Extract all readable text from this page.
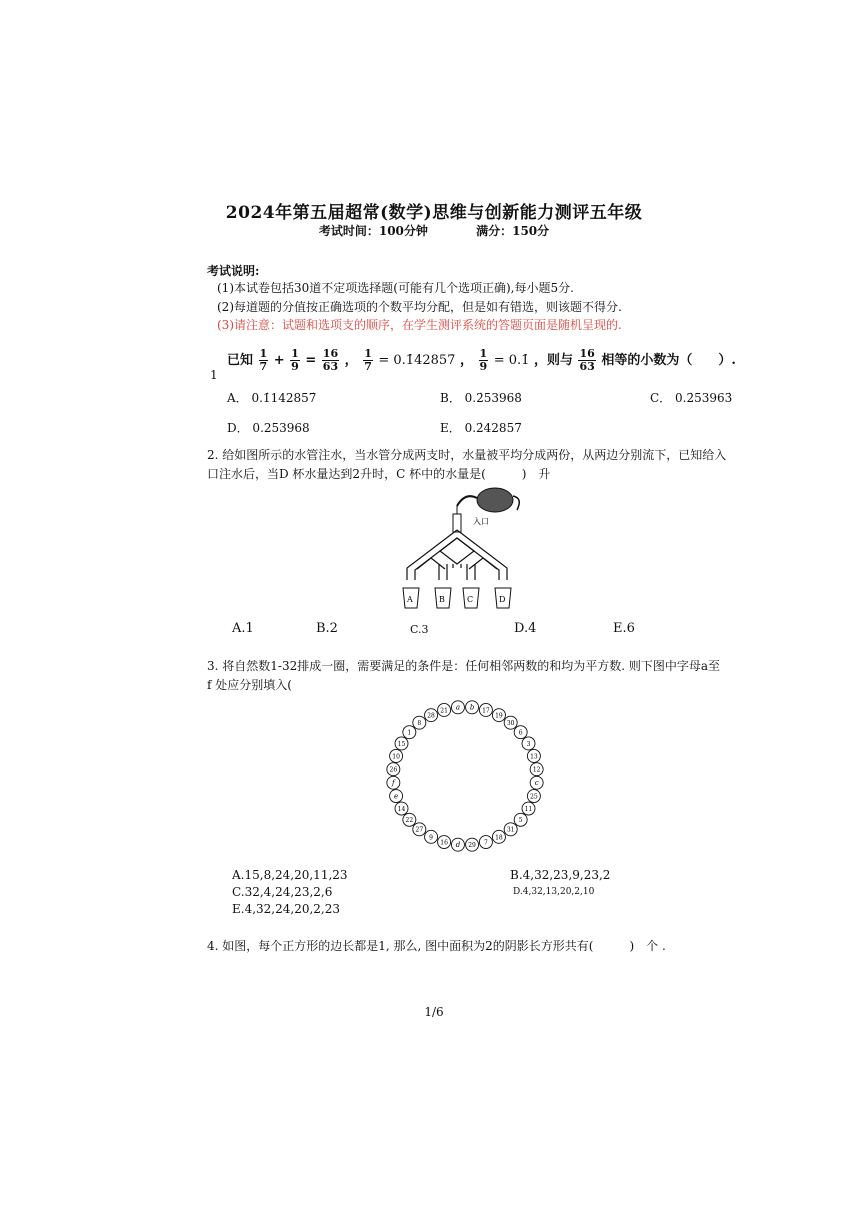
2024年第五届超常(数学)思维与创新能力测评五年级
考试时间：100分钟	满分：150分
考试说明:
(1)本试卷包括30道不定项选择题(可能有几个选项正确),每小题5分.
(2)每道题的分值按正确选项的个数平均分配，但是如有错选，则该题不得分.
(3)请注意：试题和选项支的顺序，在学生测评系统的答题页面是随机呈现的.
1
已知 $\frac{1}{7} + \frac{1}{9} = \frac{16}{63}$ ， $\frac{1}{7}$ = 0.1̇42857̇ ， $\frac{1}{9}$ = 0.1̇ ，则与 $\frac{16}{63}$ 相等的小数为（　　）.
A． 0.1̇142857̇	B． 0.2̇53968̇	C． 0.2̇53963̇
D． 0.253968	E． 0.2̇42857̇
2. 给如图所示的水管注水，当水管分成两支时，水量被平均分成两份，从两边分别流下，已知给入
口注水后，当D 杯水量达到2升时，C 杯中的水量是(　　　)　升
入口
A	B	C	D
A.1	B.2	C.3	D.4	E.6
3. 将自然数1-32排成一圈，需要满足的条件是：任何相邻两数的和均为平方数. 则下图中字母a至
f 处应分别填入(
a b 17
19
30
6
3
13
12
c
25
11
5
31
18
7
29
d
16
9
27
22
14
e
f
26
10
15
1
8
28
21
A.15,8,24,20,11,23	B.4,32,23,9,23,2
C.32,4,24,23,2,6	D.4,32,13,20,2,10
E.4,32,24,20,2,23
4. 如图，每个正方形的边长都是1, 那么, 图中面积为2的阴影长方形共有(　　　)　个 .
1/6
